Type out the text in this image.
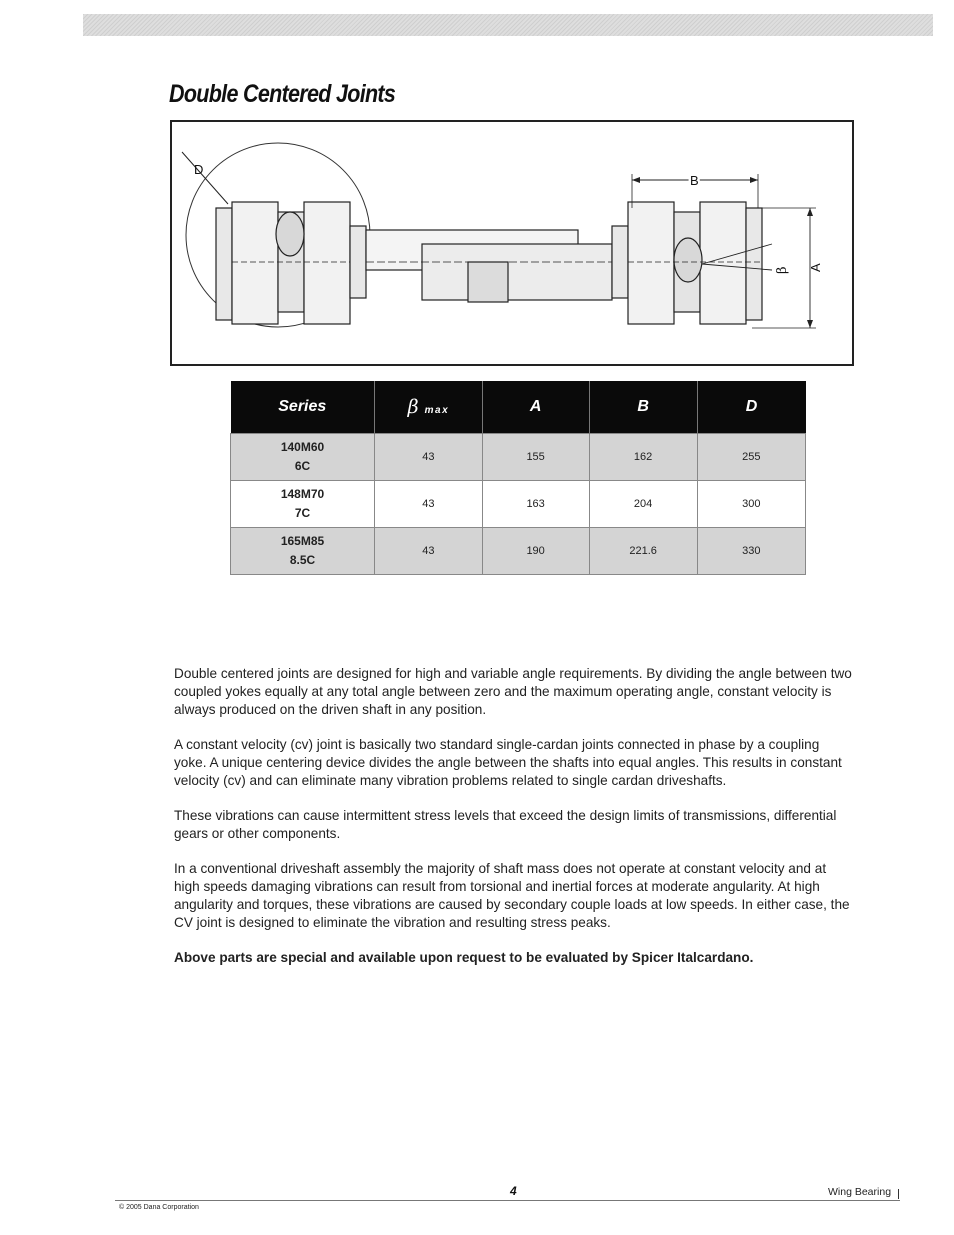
Double Centered Joints
D
B
A
β
Series	β max	A	B	D
140M60
6C	43	155	162	255
148M70
7C	43	163	204	300
165M85
8.5C	43	190	221.6	330

Double centered joints are designed for high and variable angle requirements. By dividing the angle between two coupled yokes equally at any total angle between zero and the maximum operating angle, constant velocity is always produced on the driven shaft in any position.

A constant velocity (cv) joint is basically two standard single-cardan joints connected in phase by a coupling yoke. A unique centering device divides the angle between the shafts into equal angles. This results in constant velocity (cv) and can eliminate many vibration problems related to single cardan driveshafts.

These vibrations can cause intermittent stress levels that exceed the design limits of transmissions, differential gears or other components.

In a conventional driveshaft assembly the majority of shaft mass does not operate at constant velocity and at high speeds damaging vibrations can result from torsional and inertial forces at moderate angularity. At high angularity and torques, these vibrations are caused by secondary couple loads at low speeds. In either case, the CV joint is designed to eliminate the vibration and resulting stress peaks.

Above parts are special and available upon request to be evaluated by Spicer Italcardano.

4	Wing Bearing
© 2005 Dana Corporation
